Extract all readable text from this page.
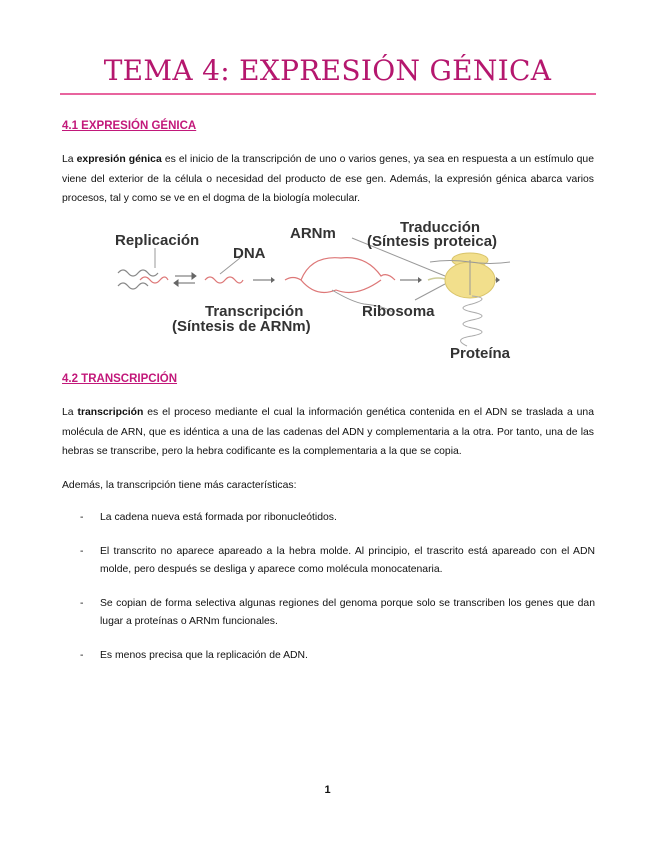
TEMA 4: EXPRESIÓN GÉNICA
4.1 EXPRESIÓN GÉNICA
La expresión génica es el inicio de la transcripción de uno o varios genes, ya sea en respuesta a un estímulo que viene del exterior de la célula o necesidad del producto de ese gen. Además, la expresión génica abarca varios procesos, tal y como se ve en el dogma de la biología molecular.
Replicación
DNA
ARNm	Traducción
(Síntesis proteica)
Transcripción
(Síntesis de ARNm)
Ribosoma
Proteína
4.2 TRANSCRIPCIÓN
La transcripción es el proceso mediante el cual la información genética contenida en el ADN se traslada a una molécula de ARN, que es idéntica a una de las cadenas del ADN y complementaria a la otra. Por tanto, una de las hebras se transcribe, pero la hebra codificante es la complementaria a la que se copia.
Además, la transcripción tiene más características:
- La cadena nueva está formada por ribonucleótidos.
- El transcrito no aparece apareado a la hebra molde. Al principio, el trascrito está apareado con el ADN molde, pero después se desliga y aparece como molécula monocatenaria.
- Se copian de forma selectiva algunas regiones del genoma porque solo se transcriben los genes que dan lugar a proteínas o ARNm funcionales.
- Es menos precisa que la replicación de ADN.
1
